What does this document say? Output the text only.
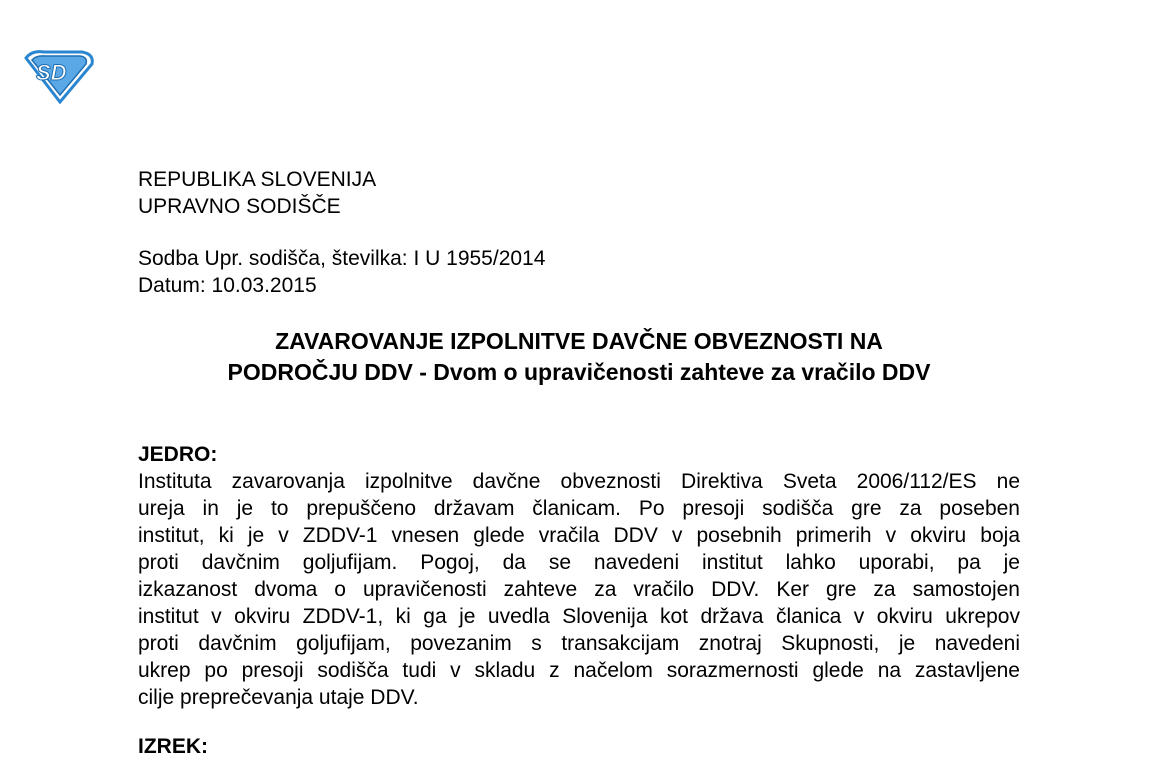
SD
REPUBLIKA SLOVENIJA
UPRAVNO SODIŠČE
Sodba Upr. sodišča, številka: I U 1955/2014
Datum: 10.03.2015
ZAVAROVANJE IZPOLNITVE DAVČNE OBVEZNOSTI NA
PODROČJU DDV - Dvom o upravičenosti zahteve za vračilo DDV
JEDRO:
Instituta zavarovanja izpolnitve davčne obveznosti Direktiva Sveta 2006/112/ES ne
ureja in je to prepuščeno državam članicam. Po presoji sodišča gre za poseben
institut, ki je v ZDDV-1 vnesen glede vračila DDV v posebnih primerih v okviru boja
proti davčnim goljufijam. Pogoj, da se navedeni institut lahko uporabi, pa je
izkazanost dvoma o upravičenosti zahteve za vračilo DDV. Ker gre za samostojen
institut v okviru ZDDV-1, ki ga je uvedla Slovenija kot država članica v okviru ukrepov
proti davčnim goljufijam, povezanim s transakcijam znotraj Skupnosti, je navedeni
ukrep po presoji sodišča tudi v skladu z načelom sorazmernosti glede na zastavljene
cilje preprečevanja utaje DDV.
IZREK:
